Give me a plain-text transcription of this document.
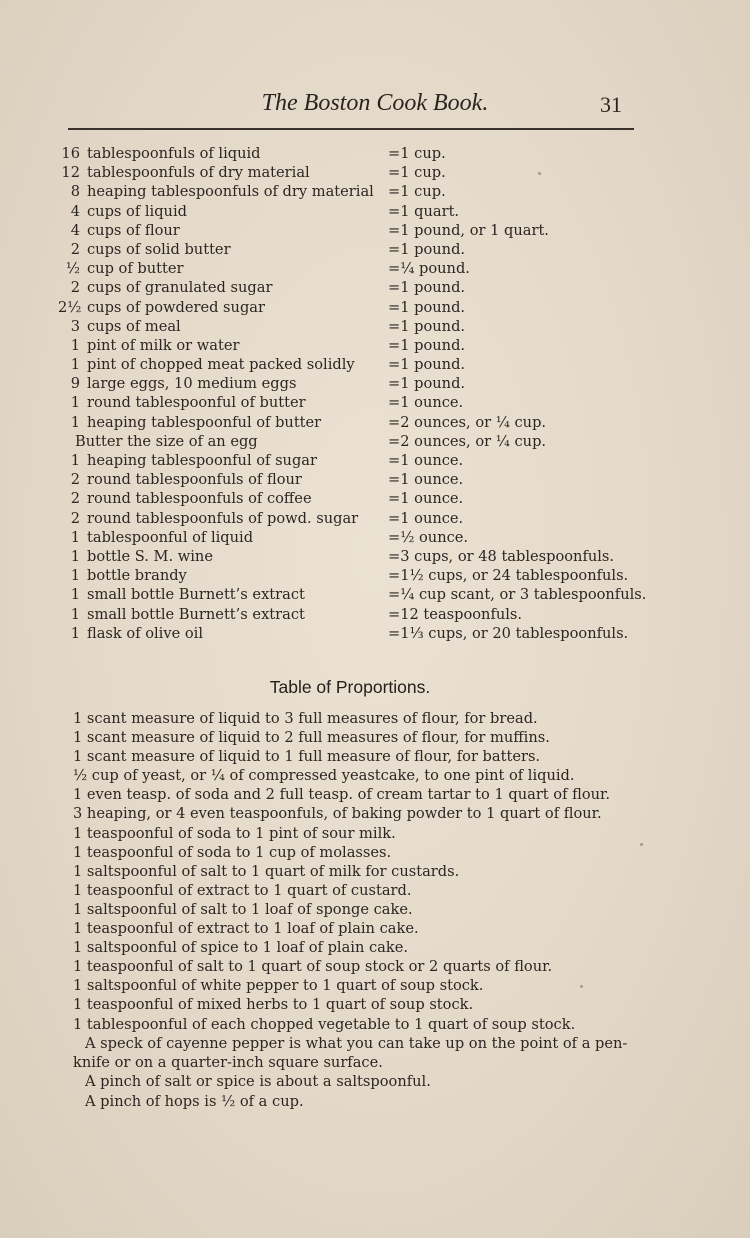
The Boston Cook Book.	31
16 tablespoonfuls of liquid	=1 cup.
12 tablespoonfuls of dry material	=1 cup.
8 heaping tablespoonfuls of dry material =1 cup.
4 cups of liquid	=1 quart.
4 cups of flour	=1 pound, or 1 quart.
2 cups of solid butter	=1 pound.
½ cup of butter	=¼ pound.
2 cups of granulated sugar	=1 pound.
2½ cups of powdered sugar	=1 pound.
3 cups of meal	=1 pound.
1 pint of milk or water	=1 pound.
1 pint of chopped meat packed solidly =1 pound.
9 large eggs, 10 medium eggs	=1 pound.
1 round tablespoonful of butter	=1 ounce.
1 heaping tablespoonful of butter	=2 ounces, or ¼ cup.
Butter the size of an egg	=2 ounces, or ¼ cup.
1 heaping tablespoonful of sugar	=1 ounce.
2 round tablespoonfuls of flour	=1 ounce.
2 round tablespoonfuls of coffee	=1 ounce.
2 round tablespoonfuls of powd. sugar =1 ounce.
1 tablespoonful of liquid	=½ ounce.
1 bottle S. M. wine	=3 cups, or 48 tablespoonfuls.
1 bottle brandy	=1½ cups, or 24 tablespoonfuls.
1 small bottle Burnett’s extract	=¼ cup scant, or 3 tablespoonfuls.
1 small bottle Burnett’s extract	=12 teaspoonfuls.
1 flask of olive oil	=1⅓ cups, or 20 tablespoonfuls.
Table of Proportions.
1 scant measure of liquid to 3 full measures of flour, for bread.
1 scant measure of liquid to 2 full measures of flour, for muffins.
1 scant measure of liquid to 1 full measure of flour, for batters.
½ cup of yeast, or ¼ of compressed yeastcake, to one pint of liquid.
1 even teasp. of soda and 2 full teasp. of cream tartar to 1 quart of flour.
3 heaping, or 4 even teaspoonfuls, of baking powder to 1 quart of flour.
1 teaspoonful of soda to 1 pint of sour milk.
1 teaspoonful of soda to 1 cup of molasses.
1 saltspoonful of salt to 1 quart of milk for custards.
1 teaspoonful of extract to 1 quart of custard.
1 saltspoonful of salt to 1 loaf of sponge cake.
1 teaspoonful of extract to 1 loaf of plain cake.
1 saltspoonful of spice to 1 loaf of plain cake.
1 teaspoonful of salt to 1 quart of soup stock or 2 quarts of flour.
1 saltspoonful of white pepper to 1 quart of soup stock.
1 teaspoonful of mixed herbs to 1 quart of soup stock.
1 tablespoonful of each chopped vegetable to 1 quart of soup stock.
A speck of cayenne pepper is what you can take up on the point of a pen-knife or on a quarter-inch square surface.
A pinch of salt or spice is about a saltspoonful.
A pinch of hops is ½ of a cup.
